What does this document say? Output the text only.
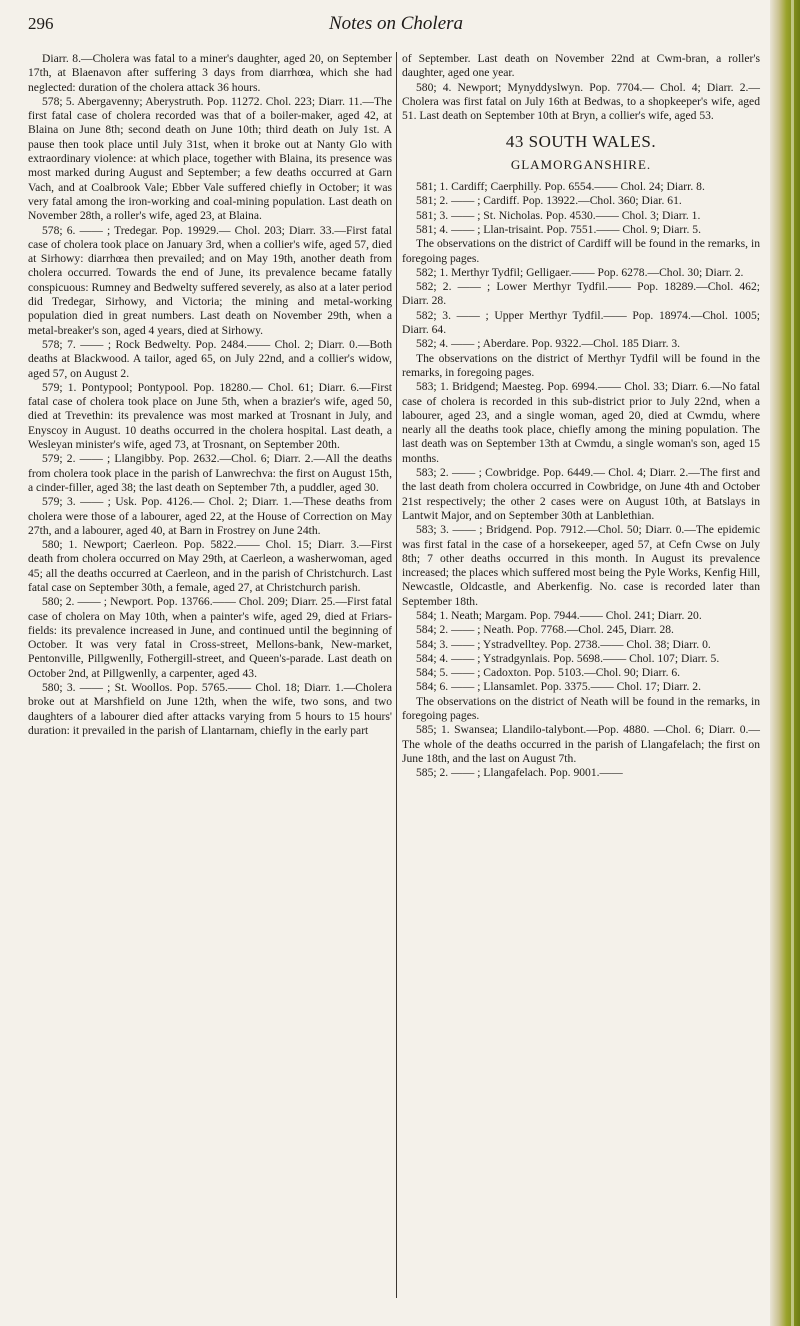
296	Notes on Cholera

Diarr. 8.—Cholera was fatal to a miner's daughter, aged 20, on September 17th, at Blaenavon after suffering 3 days from diarrhœa, which she had neglected: duration of the cholera attack 36 hours.

578; 5. Abergavenny; Aberystruth. Pop. 11272. Chol. 223; Diarr. 11.—The first fatal case of cholera recorded was that of a boiler-maker, aged 42, at Blaina on June 8th; second death on June 10th; third death on July 1st. A pause then took place until July 31st, when it broke out at Nanty Glo with extraordinary violence: at which place, together with Blaina, its presence was most marked during August and September; a few deaths occurred at Garn Vach, and at Coalbrook Vale; Ebber Vale suffered chiefly in October; it was very fatal among the iron-working and coal-mining population. Last death on November 28th, a roller's wife, aged 23, at Blaina.

578; 6. —— ; Tredegar. Pop. 19929.— Chol. 203; Diarr. 33.—First fatal case of cholera took place on January 3rd, when a collier's wife, aged 57, died at Sirhowy: diarrhœa then prevailed; and on May 19th, another death from cholera occurred. Towards the end of June, its prevalence became fatally conspicuous: Rumney and Bedwelty suffered severely, as also at a later period did Tredegar, Sirhowy, and Victoria; the mining and metal-working population died in great numbers. Last death on November 29th, when a metal-breaker's son, aged 4 years, died at Sirhowy.

578; 7. —— ; Rock Bedwelty. Pop. 2484.—— Chol. 2; Diarr. 0.—Both deaths at Blackwood. A tailor, aged 65, on July 22nd, and a collier's widow, aged 57, on August 2.

579; 1. Pontypool; Pontypool. Pop. 18280.— Chol. 61; Diarr. 6.—First fatal case of cholera took place on June 5th, when a brazier's wife, aged 50, died at Trevethin: its prevalence was most marked at Trosnant in July, and Enyscoy in August. 10 deaths occurred in the cholera hospital. Last death, a Wesleyan minister's wife, aged 73, at Trosnant, on September 20th.

579; 2. —— ; Llangibby. Pop. 2632.—Chol. 6; Diarr. 2.—All the deaths from cholera took place in the parish of Lanwrechva: the first on August 15th, a cinder-filler, aged 38; the last death on September 7th, a puddler, aged 30.

579; 3. —— ; Usk. Pop. 4126.— Chol. 2; Diarr. 1.—These deaths from cholera were those of a labourer, aged 22, at the House of Correction on May 27th, and a labourer, aged 40, at Barn in Frostrey on June 24th.

580; 1. Newport; Caerleon. Pop. 5822.—— Chol. 15; Diarr. 3.—First death from cholera occurred on May 29th, at Caerleon, a washerwoman, aged 45; all the deaths occurred at Caerleon, and in the parish of Christchurch. Last fatal case on September 30th, a female, aged 27, at Christchurch parish.

580; 2. —— ; Newport. Pop. 13766.—— Chol. 209; Diarr. 25.—First fatal case of cholera on May 10th, when a painter's wife, aged 29, died at Friars-fields: its prevalence increased in June, and continued until the beginning of October. It was very fatal in Cross-street, Mellons-bank, New-market, Pentonville, Pillgwenlly, Fothergill-street, and Queen's-parade. Last death on October 2nd, at Pillgwenlly, a carpenter, aged 43.

580; 3. —— ; St. Woollos. Pop. 5765.—— Chol. 18; Diarr. 1.—Cholera broke out at Marshfield on June 12th, when the wife, two sons, and two daughters of a labourer died after attacks varying from 5 hours to 15 hours' duration: it prevailed in the parish of Llantarnam, chiefly in the early part

of September. Last death on November 22nd at Cwm-bran, a roller's daughter, aged one year.

580; 4. Newport; Mynyddyslwyn. Pop. 7704.— Chol. 4; Diarr. 2.—Cholera was first fatal on July 16th at Bedwas, to a shopkeeper's wife, aged 51. Last death on September 10th at Bryn, a collier's wife, aged 53.

43 SOUTH WALES.
GLAMORGANSHIRE.

581; 1. Cardiff; Caerphilly. Pop. 6554.—— Chol. 24; Diarr. 8.

581; 2. —— ; Cardiff. Pop. 13922.—Chol. 360; Diar. 61.

581; 3. —— ; St. Nicholas. Pop. 4530.—— Chol. 3; Diarr. 1.

581; 4. —— ; Llan-trisaint. Pop. 7551.—— Chol. 9; Diarr. 5.

The observations on the district of Cardiff will be found in the remarks, in foregoing pages.

582; 1. Merthyr Tydfil; Gelligaer.—— Pop. 6278.—Chol. 30; Diarr. 2.

582; 2. —— ; Lower Merthyr Tydfil.—— Pop. 18289.—Chol. 462; Diarr. 28.

582; 3. —— ; Upper Merthyr Tydfil.—— Pop. 18974.—Chol. 1005; Diarr. 64.

582; 4. —— ; Aberdare. Pop. 9322.—Chol. 185 Diarr. 3.

The observations on the district of Merthyr Tydfil will be found in the remarks, in foregoing pages.

583; 1. Bridgend; Maesteg. Pop. 6994.—— Chol. 33; Diarr. 6.—No fatal case of cholera is recorded in this sub-district prior to July 22nd, when a labourer, aged 23, and a single woman, aged 20, died at Cwmdu, where nearly all the deaths took place, chiefly among the mining population. The last death was on September 13th at Cwmdu, a single woman's son, aged 15 months.

583; 2. —— ; Cowbridge. Pop. 6449.— Chol. 4; Diarr. 2.—The first and the last death from cholera occurred in Cowbridge, on June 4th and October 21st respectively; the other 2 cases were on August 10th, at Batslays in Lantwit Major, and on September 30th at Lanblethian.

583; 3. —— ; Bridgend. Pop. 7912.—Chol. 50; Diarr. 0.—The epidemic was first fatal in the case of a horsekeeper, aged 57, at Cefn Cwse on July 8th; 7 other deaths occurred in this month. In August its prevalence increased; the places which suffered most being the Pyle Works, Kenfig Hill, Newcastle, Oldcastle, and Aberkenfig. No. case is recorded later than September 18th.

584; 1. Neath; Margam. Pop. 7944.—— Chol. 241; Diarr. 20.

584; 2. —— ; Neath. Pop. 7768.—Chol. 245, Diarr. 28.

584; 3. —— ; Ystradvelltey. Pop. 2738.—— Chol. 38; Diarr. 0.

584; 4. —— ; Ystradgynlais. Pop. 5698.—— Chol. 107; Diarr. 5.

584; 5. —— ; Cadoxton. Pop. 5103.—Chol. 90; Diarr. 6.

584; 6. —— ; Llansamlet. Pop. 3375.—— Chol. 17; Diarr. 2.

The observations on the district of Neath will be found in the remarks, in foregoing pages.

585; 1. Swansea; Llandilo-talybont.—Pop. 4880. —Chol. 6; Diarr. 0.—The whole of the deaths occurred in the parish of Llangafelach; the first on June 18th, and the last on August 7th.

585; 2. —— ; Llangafelach. Pop. 9001.——
